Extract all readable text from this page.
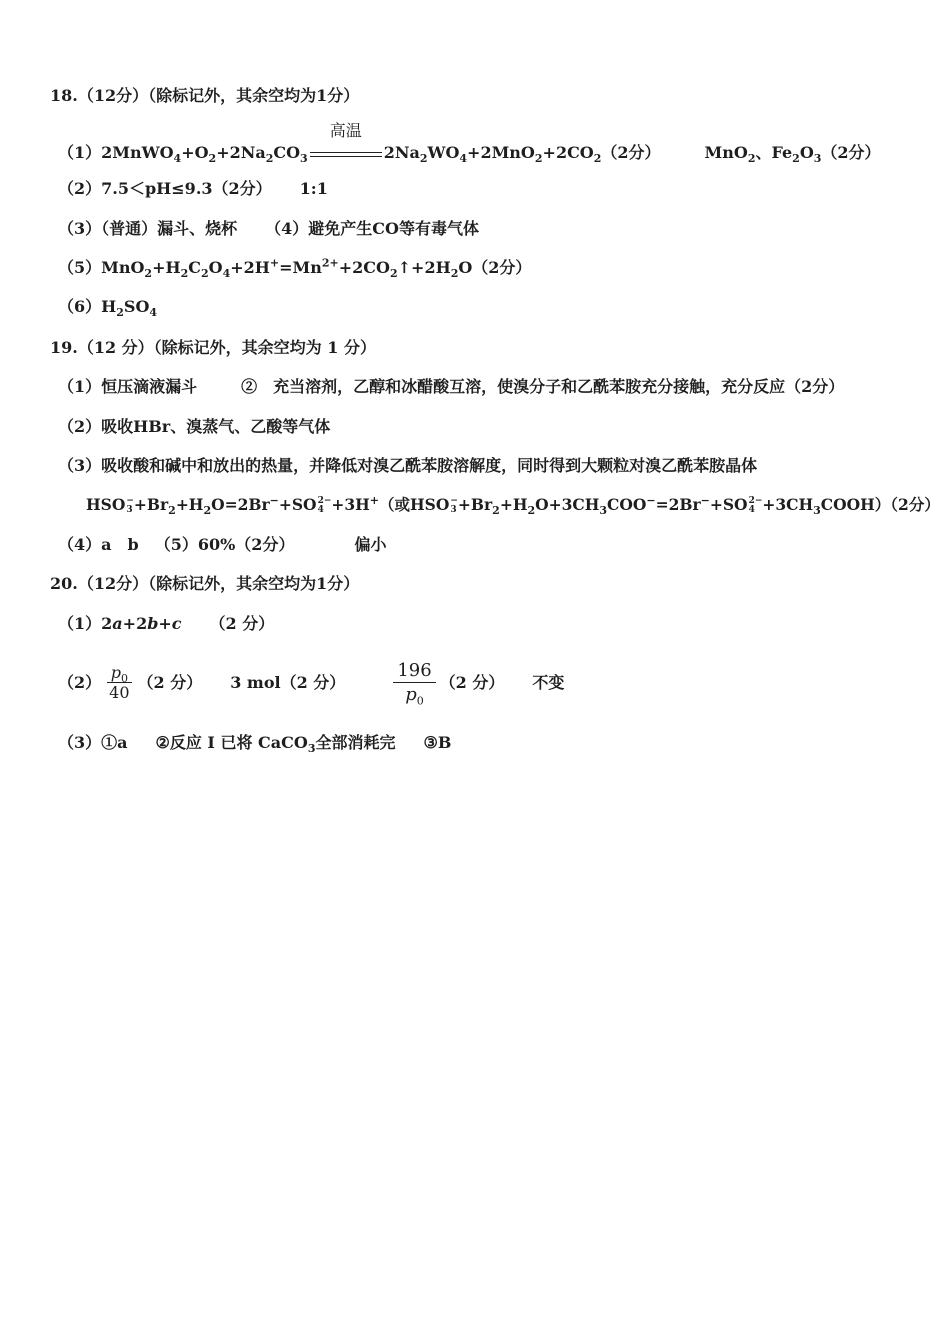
18.（12分）（除标记外，其余空均为1分）
$(1)2MnWO_4+O_2+2Na_2CO_3$
高温
$2Na_2WO_4+2MnO_2+2CO_2(2$分）	MnO$_2$、$Fe_2O_3(2$分）
（2）7.5＜pH≤9.3（2分） 1:1
（3）（普通）漏斗、烧杯 （4）避免产生CO等有毒气体
$(5)MnO_2+H_2C_2O_4+2H^+=Mn^{2+}+2CO_2↑+2H_2O(2$分）
$(6)H_2SO_4$
19.（12 分）（除标记外，其余空均为 1 分）
（1）恒压滴液漏斗	②　充当溶剂，乙醇和冰醋酸互溶，使溴分子和乙酰苯胺充分接触，充分反应（2分）
（2）吸收HBr、溴蒸气、乙酸等气体
（3）吸收酸和碱中和放出的热量，并降低对溴乙酰苯胺溶解度，同时得到大颗粒对溴乙酰苯胺晶体
HSO −
$3 +Br_2+H_2O=2Br^-+SO$ 2−
4 +3H+（或HSO −
$3 +Br_2+H_2O+3CH_3COO^-=2Br^-+SO$ 2−
$4 +3CH_3COOH)(2$分）
（4）a　b （5）60%（2分）	偏小
20.（12分）（除标记外，其余空均为1分）
（1）2a+2b+c （2 分）
$(2) \frac{p_0}{40} (2$ 分） 3 mol（2 分）	$\frac{196}{p_0} (2$ 分） 不变
（3）①a ②反应 I 已将 CaCO$_3$全部消耗完 ③B
